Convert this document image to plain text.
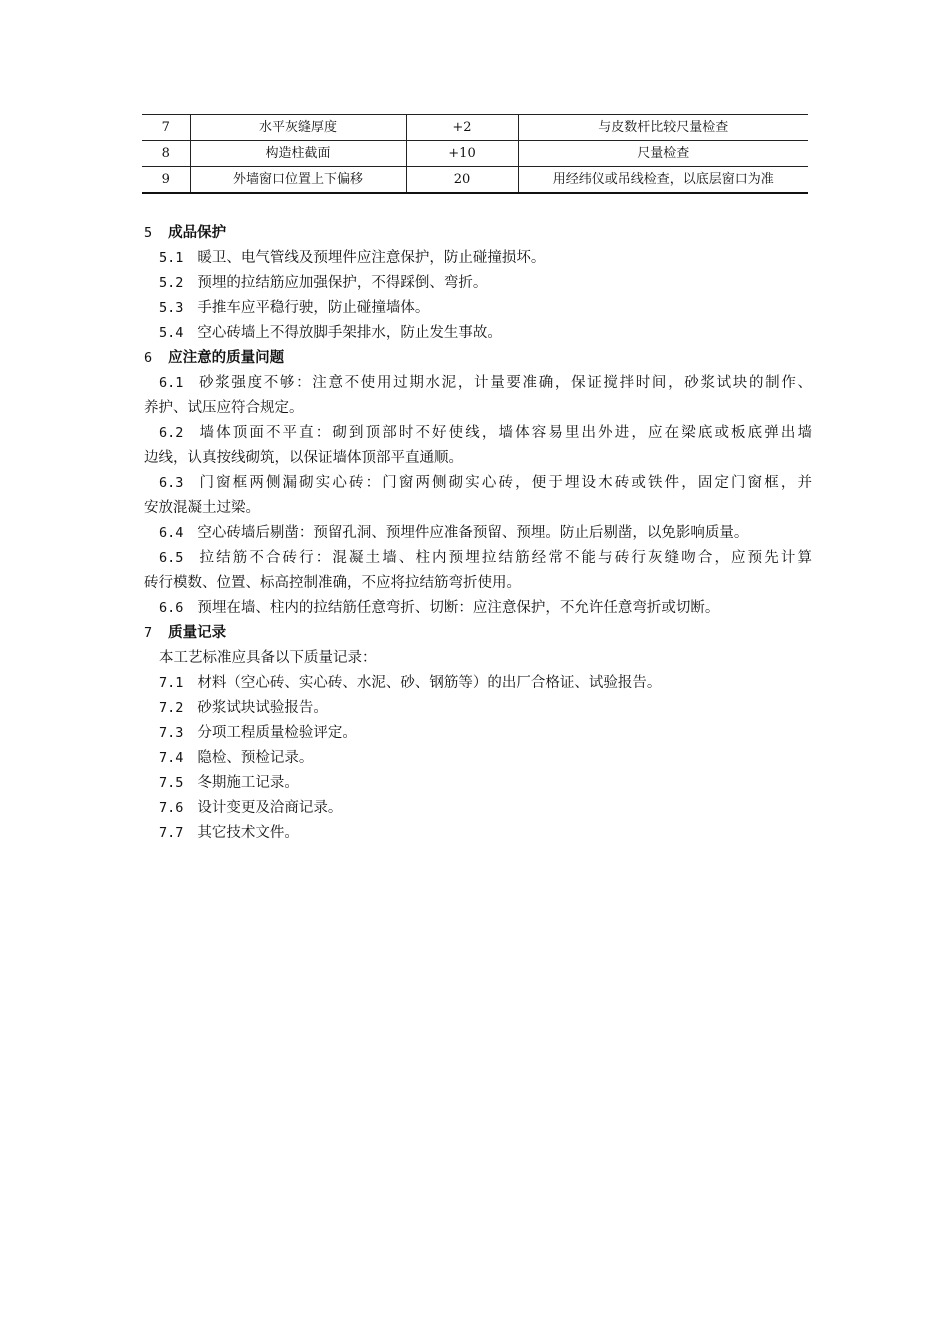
7	水平灰缝厚度	+2	与皮数杆比较尺量检查
8	构造柱截面	+10	尺量检查
9	外墙窗口位置上下偏移	20	用经纬仪或吊线检查，以底层窗口为准
5 成品保护
5.1 暖卫、电气管线及预埋件应注意保护，防止碰撞损坏。
5.2 预埋的拉结筋应加强保护，不得踩倒、弯折。
5.3 手推车应平稳行驶，防止碰撞墙体。
5.4 空心砖墙上不得放脚手架排水，防止发生事故。
6 应注意的质量问题
6.1 砂浆强度不够：注意不使用过期水泥，计量要准确，保证搅拌时间，砂浆试块的制作、
养护、试压应符合规定。
6.2 墙体顶面不平直：砌到顶部时不好使线，墙体容易里出外进，应在梁底或板底弹出墙
边线，认真按线砌筑，以保证墙体顶部平直通顺。
6.3 门窗框两侧漏砌实心砖：门窗两侧砌实心砖，便于埋设木砖或铁件，固定门窗框，并
安放混凝土过梁。
6.4 空心砖墙后剔凿：预留孔洞、预埋件应准备预留、预埋。防止后剔凿，以免影响质量。
6.5 拉结筋不合砖行：混凝土墙、柱内预埋拉结筋经常不能与砖行灰缝吻合，应预先计算
砖行模数、位置、标高控制准确，不应将拉结筋弯折使用。
6.6 预埋在墙、柱内的拉结筋任意弯折、切断：应注意保护，不允许任意弯折或切断。
7 质量记录
本工艺标准应具备以下质量记录：
7.1 材料（空心砖、实心砖、水泥、砂、钢筋等）的出厂合格证、试验报告。
7.2 砂浆试块试验报告。
7.3 分项工程质量检验评定。
7.4 隐检、预检记录。
7.5 冬期施工记录。
7.6 设计变更及洽商记录。
7.7 其它技术文件。
